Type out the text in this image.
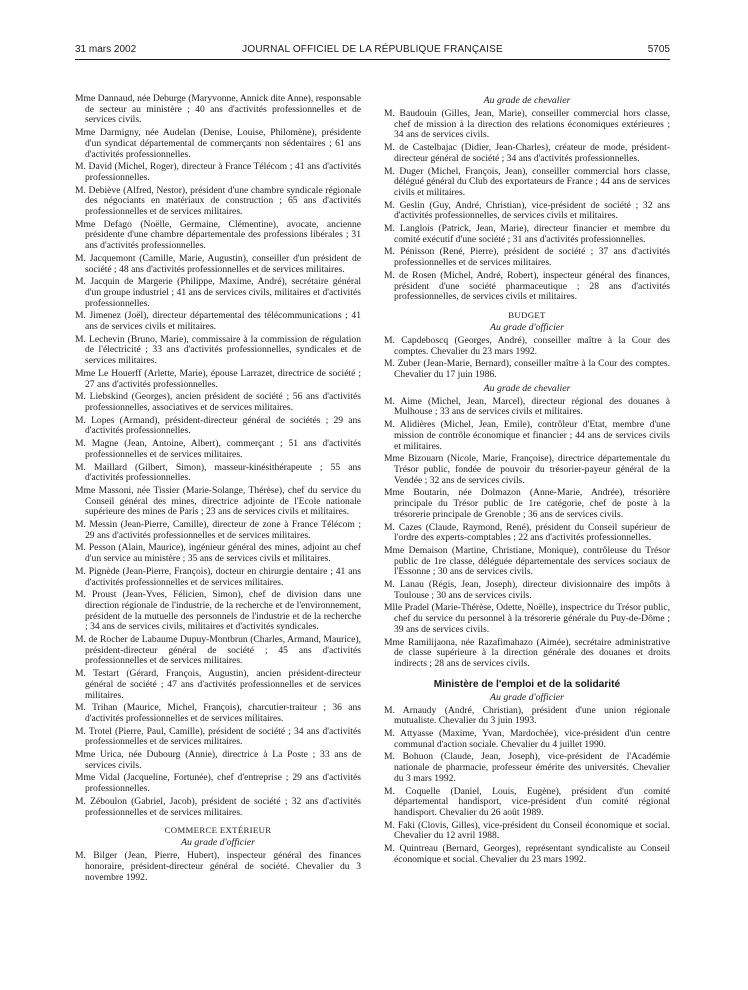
31 mars 2002	JOURNAL OFFICIEL DE LA RÉPUBLIQUE FRANÇAISE	5705

Mme Dannaud, née Deburge (Maryvonne, Annick dite Anne), responsable de secteur au ministère ; 40 ans d'activités professionnelles et de services civils.

Mme Darmigny, née Audelan (Denise, Louise, Philomène), présidente d'un syndicat départemental de commerçants non sédentaires ; 61 ans d'activités professionnelles.

M. David (Michel, Roger), directeur à France Télécom ; 41 ans d'activités professionnelles.

M. Debiève (Alfred, Nestor), président d'une chambre syndicale régionale des négociants en matériaux de construction ; 65 ans d'activités professionnelles et de services militaires.

Mme Defago (Noëlle, Germaine, Clémentine), avocate, ancienne présidente d'une chambre départementale des professions libérales ; 31 ans d'activités professionnelles.

M. Jacquemont (Camille, Marie, Augustin), conseiller d'un président de société ; 48 ans d'activités professionnelles et de services militaires.

M. Jacquin de Margerie (Philippe, Maxime, André), secrétaire général d'un groupe industriel ; 41 ans de services civils, militaires et d'activités professionnelles.

M. Jimenez (Joël), directeur départemental des télécommunications ; 41 ans de services civils et militaires.

M. Lechevin (Bruno, Marie), commissaire à la commission de régulation de l'électricité ; 33 ans d'activités professionnelles, syndicales et de services militaires.

Mme Le Houerff (Arlette, Marie), épouse Larrazet, directrice de société ; 27 ans d'activités professionnelles.

M. Liebskind (Georges), ancien président de société ; 56 ans d'activités professionnelles, associatives et de services militaires.

M. Lopes (Armand), président-directeur général de sociétés ; 29 ans d'activités professionnelles.

M. Magne (Jean, Antoine, Albert), commerçant ; 51 ans d'activités professionnelles et de services militaires.

M. Maillard (Gilbert, Simon), masseur-kinésithérapeute ; 55 ans d'activités professionnelles.

Mme Massoni, née Tissier (Marie-Solange, Thérèse), chef du service du Conseil général des mines, directrice adjointe de l'Ecole nationale supérieure des mines de Paris ; 23 ans de services civils et militaires.

M. Messin (Jean-Pierre, Camille), directeur de zone à France Télécom ; 29 ans d'activités professionnelles et de services militaires.

M. Pesson (Alain, Maurice), ingénieur général des mines, adjoint au chef d'un service au ministère ; 35 ans de services civils et militaires.

M. Pignède (Jean-Pierre, François), docteur en chirurgie dentaire ; 41 ans d'activités professionnelles et de services militaires.

M. Proust (Jean-Yves, Félicien, Simon), chef de division dans une direction régionale de l'industrie, de la recherche et de l'environnement, président de la mutuelle des personnels de l'industrie et de la recherche ; 34 ans de services civils, militaires et d'activités syndicales.

M. de Rocher de Labaume Dupuy-Montbrun (Charles, Armand, Maurice), président-directeur général de société ; 45 ans d'activités professionnelles et de services militaires.

M. Testart (Gérard, François, Augustin), ancien président-directeur général de société ; 47 ans d'activités professionnelles et de services militaires.

M. Trihan (Maurice, Michel, François), charcutier-traiteur ; 36 ans d'activités professionnelles et de services militaires.

M. Trotel (Pierre, Paul, Camille), président de société ; 34 ans d'activités professionnelles et de services militaires.

Mme Urica, née Dubourg (Annie), directrice à La Poste ; 33 ans de services civils.

Mme Vidal (Jacqueline, Fortunée), chef d'entreprise ; 29 ans d'activités professionnelles.

M. Zéboulon (Gabriel, Jacob), président de société ; 32 ans d'activités professionnelles et de services militaires.

COMMERCE EXTÉRIEUR
Au grade d'officier

M. Bilger (Jean, Pierre, Hubert), inspecteur général des finances honoraire, président-directeur général de société. Chevalier du 3 novembre 1992.

Au grade de chevalier

M. Baudouin (Gilles, Jean, Marie), conseiller commercial hors classe, chef de mission à la direction des relations économiques extérieures ; 34 ans de services civils.

M. de Castelbajac (Didier, Jean-Charles), créateur de mode, président-directeur général de société ; 34 ans d'activités professionnelles.

M. Duger (Michel, François, Jean), conseiller commercial hors classe, délégué général du Club des exportateurs de France ; 44 ans de services civils et militaires.

M. Geslin (Guy, André, Christian), vice-président de société ; 32 ans d'activités professionnelles, de services civils et militaires.

M. Langlois (Patrick, Jean, Marie), directeur financier et membre du comité exécutif d'une société ; 31 ans d'activités professionnelles.

M. Pénisson (René, Pierre), président de société ; 37 ans d'activités professionnelles et de services militaires.

M. de Rosen (Michel, André, Robert), inspecteur général des finances, président d'une société pharmaceutique ; 28 ans d'activités professionnelles, de services civils et militaires.

BUDGET
Au grade d'officier

M. Capdeboscq (Georges, André), conseiller maître à la Cour des comptes. Chevalier du 23 mars 1992.

M. Zuber (Jean-Marie, Bernard), conseiller maître à la Cour des comptes. Chevalier du 17 juin 1986.

Au grade de chevalier

M. Aime (Michel, Jean, Marcel), directeur régional des douanes à Mulhouse ; 33 ans de services civils et militaires.

M. Alidières (Michel, Jean, Emile), contrôleur d'Etat, membre d'une mission de contrôle économique et financier ; 44 ans de services civils et militaires.

Mme Bizouarn (Nicole, Marie, Françoise), directrice départementale du Trésor public, fondée de pouvoir du trésorier-payeur général de la Vendée ; 32 ans de services civils.

Mme Boutarin, née Dolmazon (Anne-Marie, Andrée), trésorière principale du Trésor public de 1re catégorie, chef de poste à la trésorerie principale de Grenoble ; 36 ans de services civils.

M. Cazes (Claude, Raymond, René), président du Conseil supérieur de l'ordre des experts-comptables ; 22 ans d'activités professionnelles.

Mme Demaison (Martine, Christiane, Monique), contrôleuse du Trésor public de 1re classe, déléguée départementale des services sociaux de l'Essonne ; 30 ans de services civils.

M. Lanau (Régis, Jean, Joseph), directeur divisionnaire des impôts à Toulouse ; 30 ans de services civils.

Mlle Pradel (Marie-Thérèse, Odette, Noëlle), inspectrice du Trésor public, chef du service du personnel à la trésorerie générale du Puy-de-Dôme ; 39 ans de services civils.

Mme Ramilijaona, née Razafimahazo (Aimée), secrétaire administrative de classe supérieure à la direction générale des douanes et droits indirects ; 28 ans de services civils.

Ministère de l'emploi et de la solidarité
Au grade d'officier

M. Arnaudy (André, Christian), président d'une union régionale mutualiste. Chevalier du 3 juin 1993.

M. Attyasse (Maxime, Yvan, Mardochée), vice-président d'un centre communal d'action sociale. Chevalier du 4 juillet 1990.

M. Bohuon (Claude, Jean, Joseph), vice-président de l'Académie nationale de pharmacie, professeur émérite des universités. Chevalier du 3 mars 1992.

M. Coquelle (Daniel, Louis, Eugène), président d'un comité départemental handisport, vice-président d'un comité régional handisport. Chevalier du 26 août 1989.

M. Faki (Clovis, Gilles), vice-président du Conseil économique et social. Chevalier du 12 avril 1988.

M. Quintreau (Bernard, Georges), représentant syndicaliste au Conseil économique et social. Chevalier du 23 mars 1992.
